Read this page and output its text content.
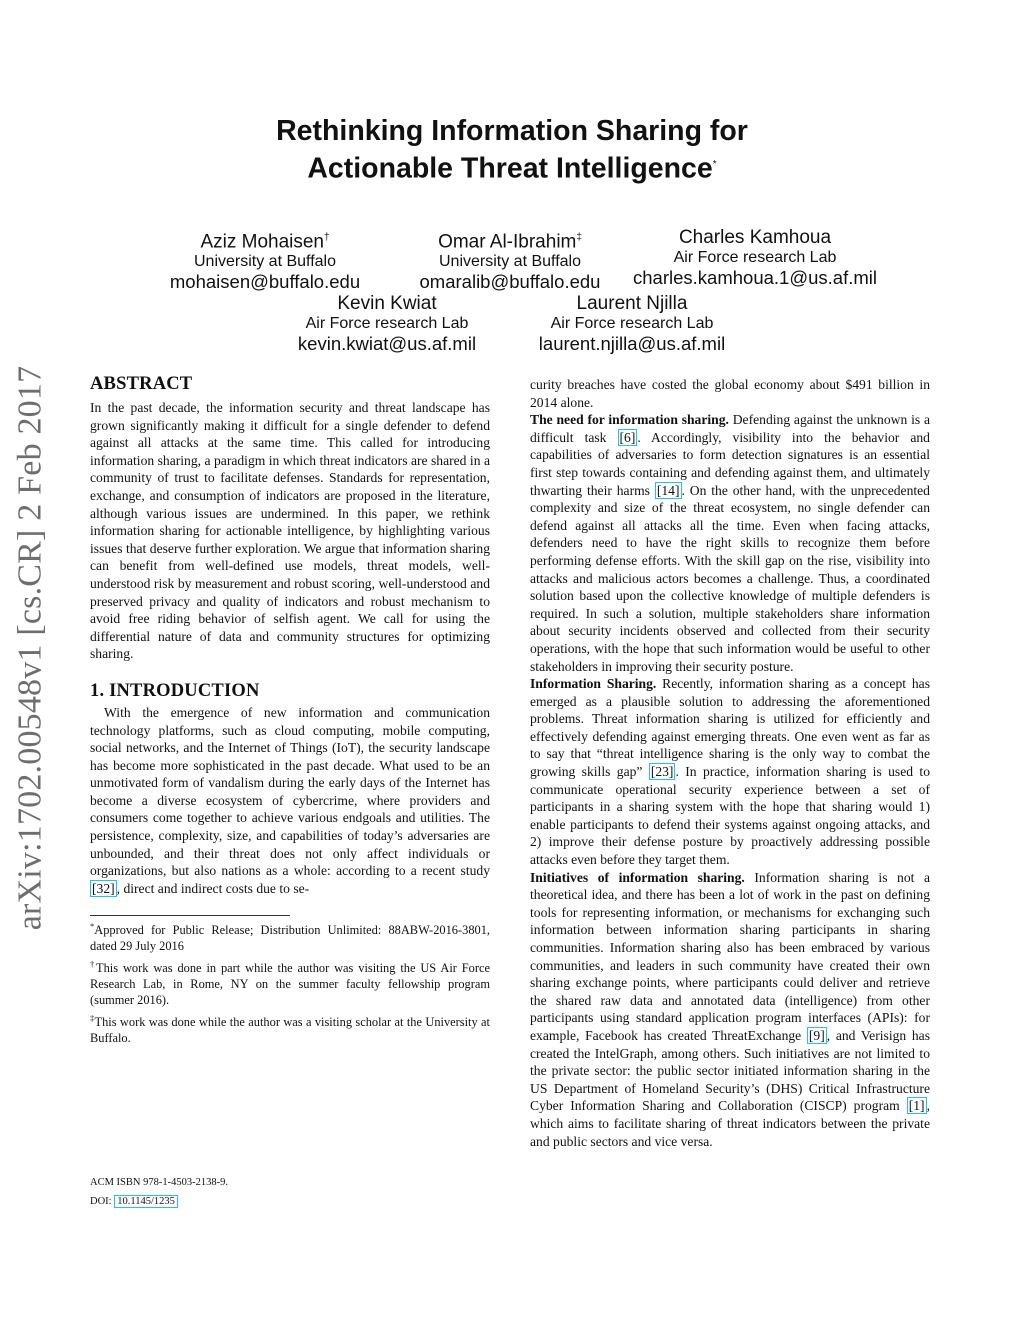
arXiv:1702.00548v1 [cs.CR] 2 Feb 2017
Rethinking Information Sharing for
Actionable Threat Intelligence*
Aziz Mohaisen†
University at Buffalo
mohaisen@buffalo.edu
Omar Al-Ibrahim‡
University at Buffalo
omaralib@buffalo.edu
Charles Kamhoua
Air Force research Lab
charles.kamhoua.1@us.af.mil
Kevin Kwiat
Air Force research Lab
kevin.kwiat@us.af.mil
Laurent Njilla
Air Force research Lab
laurent.njilla@us.af.mil
ABSTRACT

In the past decade, the information security and threat landscape has grown significantly making it difficult for a single defender to defend against all attacks at the same time. This called for introducing information sharing, a paradigm in which threat indicators are shared in a community of trust to facilitate defenses. Standards for representation, exchange, and consumption of indicators are proposed in the literature, although various issues are undermined. In this paper, we rethink information sharing for actionable intelligence, by highlighting various issues that deserve further exploration. We argue that information sharing can benefit from well-defined use models, threat models, well-understood risk by measurement and robust scoring, well-understood and preserved privacy and quality of indicators and robust mechanism to avoid free riding behavior of selfish agent. We call for using the differential nature of data and community structures for optimizing sharing.

1. INTRODUCTION

With the emergence of new information and communication technology platforms, such as cloud computing, mobile computing, social networks, and the Internet of Things (IoT), the security landscape has become more sophisticated in the past decade. What used to be an unmotivated form of vandalism during the early days of the Internet has become a diverse ecosystem of cybercrime, where providers and consumers come together to achieve various endgoals and utilities. The persistence, complexity, size, and capabilities of today’s adversaries are unbounded, and their threat does not only affect individuals or organizations, but also nations as a whole: according to a recent study [32] , direct and indirect costs due to se-

*Approved for Public Release; Distribution Unlimited: 88ABW-2016-3801, dated 29 July 2016

†This work was done in part while the author was visiting the US Air Force Research Lab, in Rome, NY on the summer faculty fellowship program (summer 2016).

‡This work was done while the author was a visiting scholar at the University at Buffalo.

ACM ISBN 978-1-4503-2138-9.
DOI: 10.1145/1235

curity breaches have costed the global economy about $491 billion in 2014 alone.

The need for information sharing. Defending against the unknown is a difficult task [6] . Accordingly, visibility into the behavior and capabilities of adversaries to form detection signatures is an essential first step towards containing and defending against them, and ultimately thwarting their harms [14] . On the other hand, with the unprecedented complexity and size of the threat ecosystem, no single defender can defend against all attacks all the time. Even when facing attacks, defenders need to have the right skills to recognize them before performing defense efforts. With the skill gap on the rise, visibility into attacks and malicious actors becomes a challenge. Thus, a coordinated solution based upon the collective knowledge of multiple defenders is required. In such a solution, multiple stakeholders share information about security incidents observed and collected from their security operations, with the hope that such information would be useful to other stakeholders in improving their security posture.

Information Sharing. Recently, information sharing as a concept has emerged as a plausible solution to addressing the aforementioned problems. Threat information sharing is utilized for efficiently and effectively defending against emerging threats. One even went as far as to say that “threat intelligence sharing is the only way to combat the growing skills gap” [23] . In practice, information sharing is used to communicate operational security experience between a set of participants in a sharing system with the hope that sharing would 1) enable participants to defend their systems against ongoing attacks, and 2) improve their defense posture by proactively addressing possible attacks even before they target them.

Initiatives of information sharing. Information sharing is not a theoretical idea, and there has been a lot of work in the past on defining tools for representing information, or mechanisms for exchanging such information between information sharing participants in sharing communities. Information sharing also has been embraced by various communities, and leaders in such community have created their own sharing exchange points, where participants could deliver and retrieve the shared raw data and annotated data (intelligence) from other participants using standard application program interfaces (APIs): for example, Facebook has created ThreatExchange [9] , and Verisign has created the IntelGraph, among others. Such initiatives are not limited to the private sector: the public sector initiated information sharing in the US Department of Homeland Security’s (DHS) Critical Infrastructure Cyber Information Sharing and Collaboration (CISCP) program [1] , which aims to facilitate sharing of threat indicators between the private and public sectors and vice versa.
